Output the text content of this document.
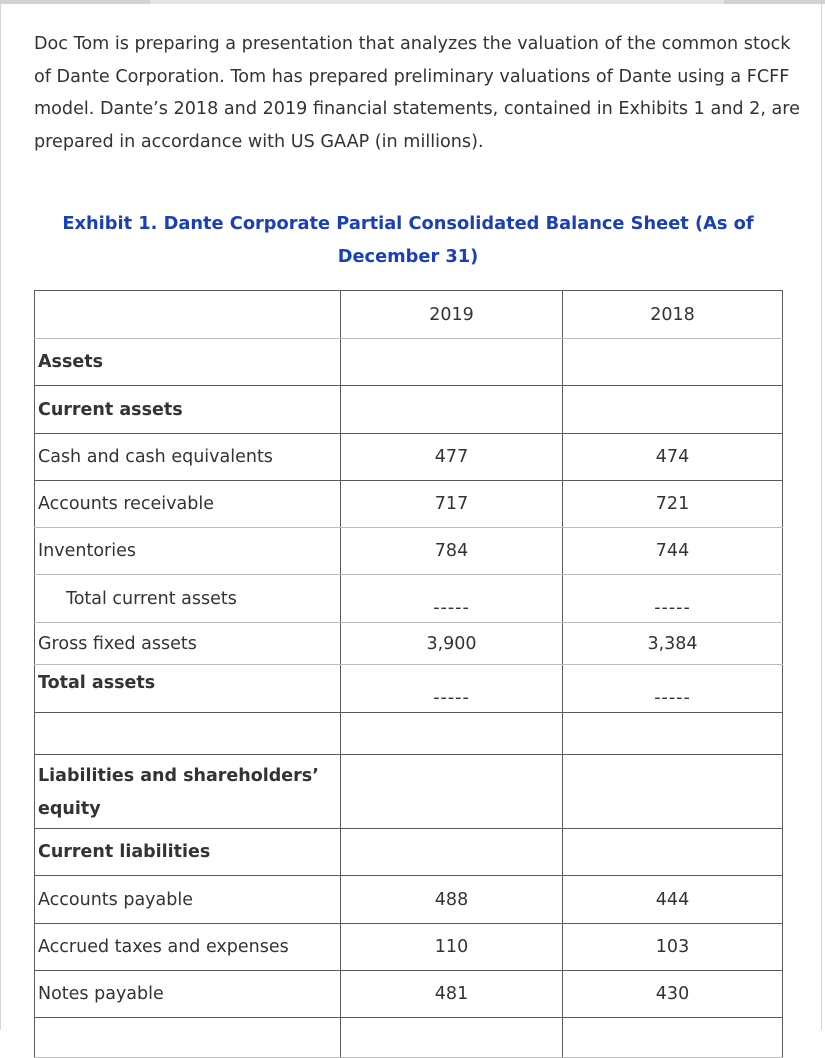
Doc Tom is preparing a presentation that analyzes the valuation of the common stock of Dante Corporation. Tom has prepared preliminary valuations of Dante using a FCFF model. Dante’s 2018 and 2019 financial statements, contained in Exhibits 1 and 2, are prepared in accordance with US GAAP (in millions).

Exhibit 1. Dante Corporate Partial Consolidated Balance Sheet (As of December 31)

	2019	2018
Assets		
Current assets		
Cash and cash equivalents	477	474
Accounts receivable	717	721
Inventories	784	744
Total current assets	-----	-----
Gross fixed assets	3,900	3,384
Total assets	-----	-----

Liabilities and shareholders’ equity		
Current liabilities		
Accounts payable	488	444
Accrued taxes and expenses	110	103
Notes payable	481	430
